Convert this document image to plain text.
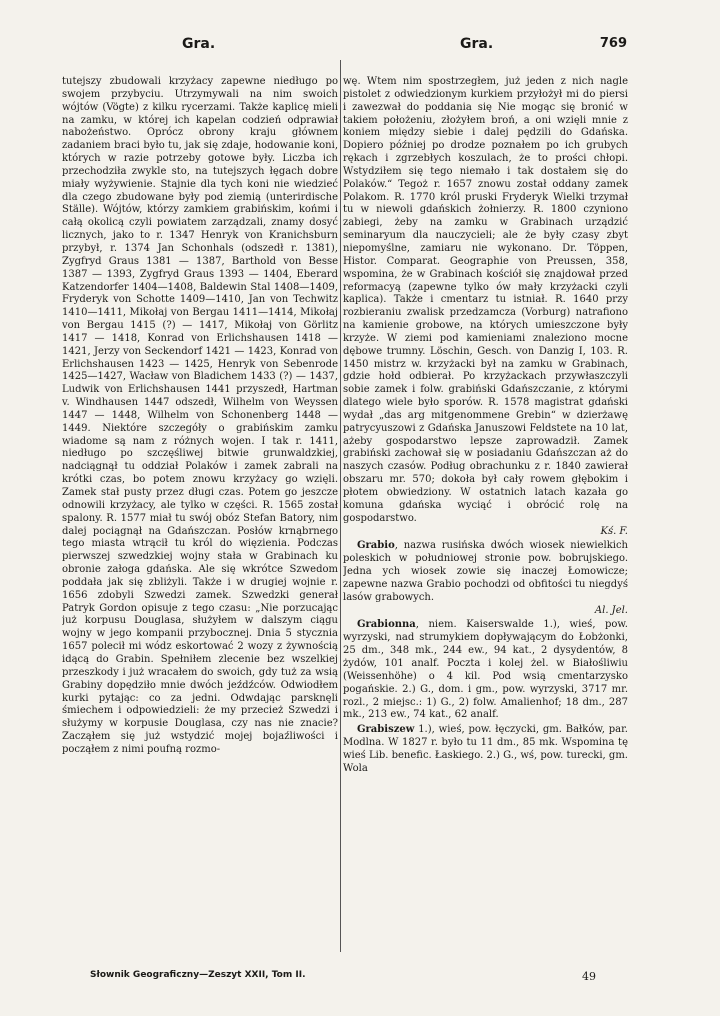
Gra.	Gra.	769

tutejszy zbudowali krzyżacy zapewne niedługo po swojem przybyciu. Utrzymywali na nim swoich wójtów (Vögte) z kilku rycerzami. Także kaplicę mieli na zamku, w której ich kapelan codzień odprawiał nabożeństwo. Oprócz obrony kraju głównem zadaniem braci było tu, jak się zdaje, hodowanie koni, których w razie potrzeby gotowe były. Liczba ich przechodziła zwykle sto, na tutejszych łęgach dobre miały wyżywienie. Stajnie dla tych koni nie wiedzieć dla czego zbudowane były pod ziemią (unterirdische Ställe). Wójtów, którzy zamkiem grabińskim, końmi i całą okolicą czyli powiatem zarządzali, znamy dosyć licznych, jako to r. 1347 Henryk von Kranichsburn przybył, r. 1374 Jan Schonhals (odszedł r. 1381), Zygfryd Graus 1381 — 1387, Barthold von Besse 1387 — 1393, Zygfryd Graus 1393 — 1404, Eberard Katzendorfer 1404—1408, Baldewin Stal 1408—1409, Fryderyk von Schotte 1409—1410, Jan von Techwitz 1410—1411, Mikołaj von Bergau 1411—1414, Mikołaj von Bergau 1415 (?) — 1417, Mikołaj von Görlitz 1417 — 1418, Konrad von Erlichshausen 1418 — 1421, Jerzy von Seckendorf 1421 — 1423, Konrad von Erlichshausen 1423 — 1425, Henryk von Sebenrode 1425—1427, Wacław von Bladichem 1433 (?) — 1437, Ludwik von Erlichshausen 1441 przyszedł, Hartman v. Windhausen 1447 odszedł, Wilhelm von Weyssen 1447 — 1448, Wilhelm von Schonenberg 1448 —1449. Niektóre szczegóły o grabińskim zamku wiadome są nam z różnych wojen. I tak r. 1411, niedługo po szczęśliwej bitwie grunwaldzkiej, nadciągnął tu oddział Polaków i zamek zabrali na krótki czas, bo potem znowu krzyżacy go wzięli. Zamek stał pusty przez długi czas. Potem go jeszcze odnowili krzyżacy, ale tylko w części. R. 1565 został spalony. R. 1577 miał tu swój obóz Stefan Batory, nim dalej pociągnął na Gdańszczan. Posłów krnąbrnego tego miasta wtrącił tu król do więzienia. Podczas pierwszej szwedzkiej wojny stała w Grabinach ku obronie załoga gdańska. Ale się wkrótce Szwedom poddała jak się zbliżyli. Także i w drugiej wojnie r. 1656 zdobyli Szwedzi zamek. Szwedzki generał Patryk Gordon opisuje z tego czasu: „Nie porzucając już korpusu Douglasa, służyłem w dalszym ciągu wojny w jego kompanii przybocznej. Dnia 5 stycznia 1657 polecił mi wódz eskortować 2 wozy z żywnością idącą do Grabin. Spełniłem zlecenie bez wszelkiej przeszkody i już wracałem do swoich, gdy tuż za wsią Grabiny dopędziło mnie dwóch jeźdźców. Odwiodłem kurki pytając: co za jedni. Odwdając parsknęli śmiechem i odpowiedzieli: że my przecież Szwedzi i służymy w korpusie Douglasa, czy nas nie znacie? Zacząłem się już wstydzić mojej bojaźliwości i począłem z nimi poufną rozmo-

wę. Wtem nim spostrzegłem, już jeden z nich nagle pistolet z odwiedzionym kurkiem przyłożył mi do piersi i zawezwał do poddania się Nie mogąc się bronić w takiem położeniu, złożyłem broń, a oni wzięli mnie z koniem między siebie i dalej pędzili do Gdańska. Dopiero później po drodze poznałem po ich grubych rękach i zgrzebłych koszulach, że to prości chłopi. Wstydziłem się tego niemało i tak dostałem się do Polaków.“ Tegoż r. 1657 znowu został oddany zamek Polakom. R. 1770 król pruski Fryderyk Wielki trzymał tu w niewoli gdańskich żołnierzy. R. 1800 czyniono zabiegi, żeby na zamku w Grabinach urządzić seminaryum dla nauczycieli; ale że były czasy zbyt niepomyślne, zamiaru nie wykonano. Dr. Töppen, Histor. Comparat. Geographie von Preussen, 358, wspomina, że w Grabinach kościół się znajdował przed reformacyą (zapewne tylko ów mały krzyżacki czyli kaplica). Także i cmentarz tu istniał. R. 1640 przy rozbieraniu zwalisk przedzamcza (Vorburg) natrafiono na kamienie grobowe, na których umieszczone były krzyże. W ziemi pod kamieniami znaleziono mocne dębowe trumny. Löschin, Gesch. von Danzig I, 103. R. 1450 mistrz w. krzyżacki był na zamku w Grabinach, gdzie hołd odbierał. Po krzyżackach przywłaszczyli sobie zamek i folw. grabiński Gdańszczanie, z którymi dlatego wiele było sporów. R. 1578 magistrat gdański wydał „das arg mitgenommene Grebin“ w dzierżawę patrycyuszowi z Gdańska Januszowi Feldstete na 10 lat, ażeby gospodarstwo lepsze zaprowadził. Zamek grabiński zachował się w posiadaniu Gdańszczan aż do naszych czasów. Podług obrachunku z r. 1840 zawierał obszaru mr. 570; dokoła był cały rowem głębokim i płotem obwiedziony. W ostatnich latach kazała go komuna gdańska wyciąć i obrócić rolę na gospodarstwo.
Kś. F.

Grabio, nazwa rusińska dwóch wiosek niewielkich poleskich w południowej stronie pow. bobrujskiego. Jedna ych wiosek zowie się inaczej Łomowicze; zapewne nazwa Grabio pochodzi od obfitości tu niegdyś lasów grabowych.
Al. Jel.

Grabionna, niem. Kaiserswalde 1.), wieś, pow. wyrzyski, nad strumykiem dopływającym do Łobżonki, 25 dm., 348 mk., 244 ew., 94 kat., 2 dysydentów, 8 żydów, 101 analf. Poczta i kolej żel. w Białośliwiu (Weissenhöhe) o 4 kil. Pod wsią cmentarzysko pogańskie. 2.) G., dom. i gm., pow. wyrzyski, 3717 mr. rozl., 2 miejsc.: 1) G., 2) folw. Amalienhof; 18 dm., 287 mk., 213 ew., 74 kat., 62 analf.

Grabiszew 1.), wieś, pow. łęczycki, gm. Bałków, par. Modlna. W 1827 r. było tu 11 dm., 85 mk. Wspomina tę wieś Lib. benefic. Łaskiego. 2.) G., wś, pow. turecki, gm. Wola

Słownik Geograficzny—Zeszyt XXII, Tom II.	49
